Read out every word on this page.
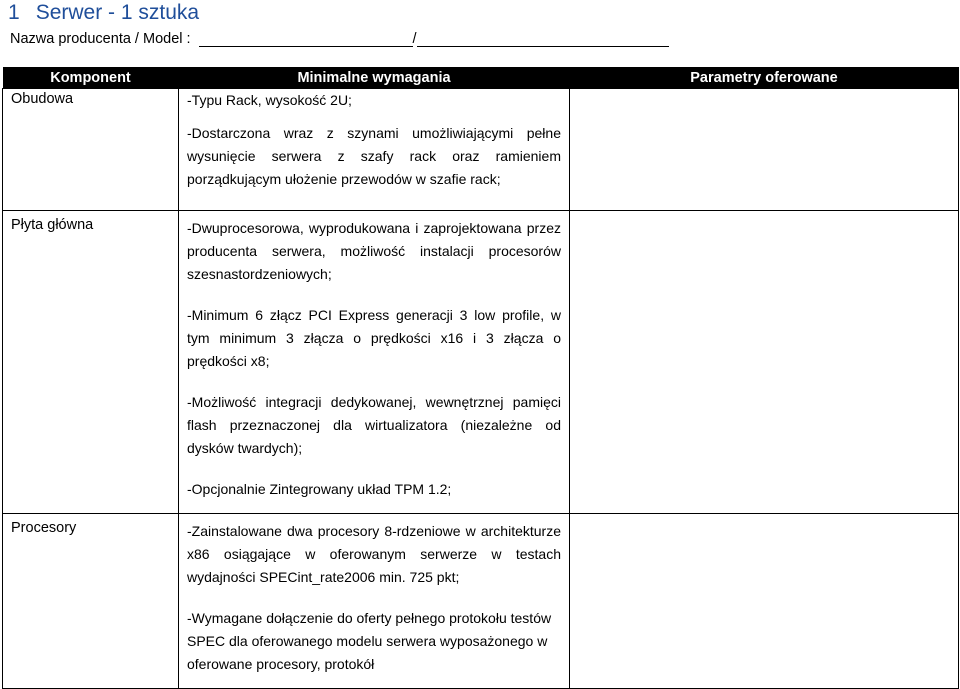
1 Serwer - 1 sztuka
Nazwa producenta / Model :	/
Komponent	Minimalne wymagania	Parametry oferowane
Obudowa	-Typu Rack, wysokość 2U;
-Dostarczona wraz z szynami umożliwiającymi pełne wysunięcie serwera z szafy rack oraz ramieniem porządkującym ułożenie przewodów w szafie rack;	

Płyta główna	-Dwuprocesorowa, wyprodukowana i zaprojektowana przez producenta serwera, możliwość instalacji procesorów szesnastordzeniowych;
-Minimum 6 złącz PCI Express generacji 3 low profile, w tym minimum 3 złącza o prędkości x16 i 3 złącza o prędkości x8;
-Możliwość integracji dedykowanej, wewnętrznej pamięci flash przeznaczonej dla wirtualizatora (niezależne od dysków twardych);
-Opcjonalnie Zintegrowany układ TPM 1.2;	

Procesory	-Zainstalowane dwa procesory 8-rdzeniowe w architekturze x86 osiągające w oferowanym serwerze w testach wydajności SPECint_rate2006 min. 725 pkt;
-Wymagane dołączenie do oferty pełnego protokołu testów SPEC dla oferowanego modelu serwera wyposażonego w oferowane procesory, protokół	
